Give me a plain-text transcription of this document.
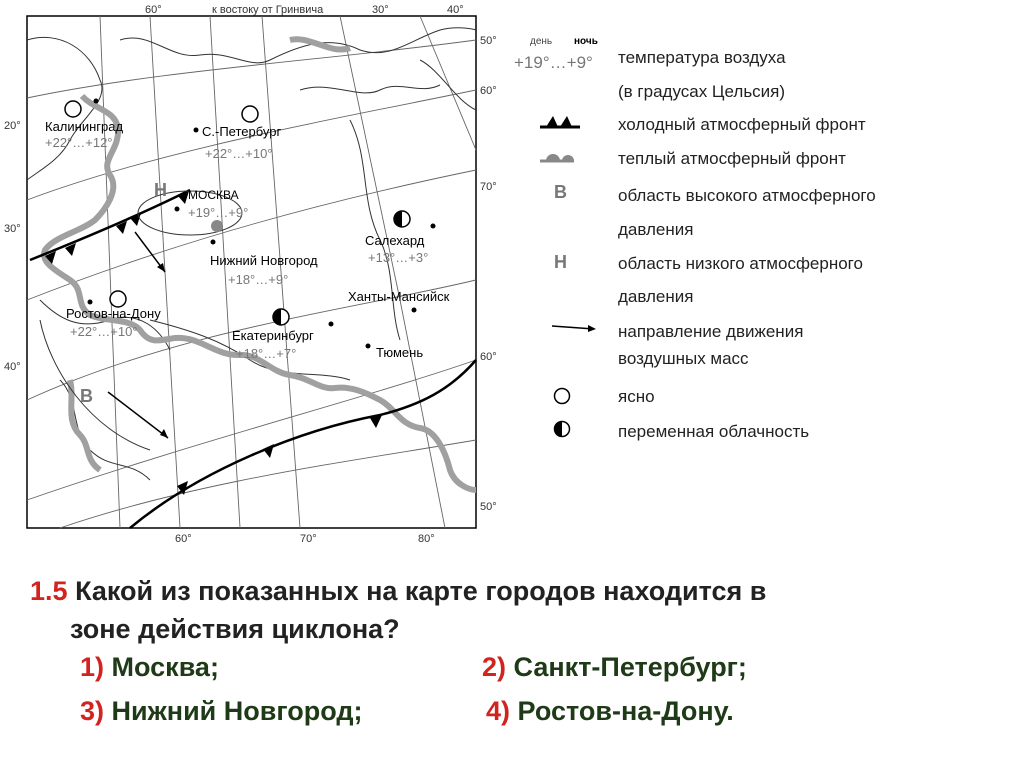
Н
В
Калининград
+22°…+12°
С.-Петербург
+22°…+10°
МОСКВА
+19°…+9°
Нижний Новгород
+18°…+9°
Салехард
+13°…+3°
Ханты-Мансийск
Ростов-на-Дону
+22°…+10°	Екатеринбург
+18°…+7°	Тюмень
60°	к востоку от Гринвича	30°	40°
60°	70°	80°
20°
30°
40°
50°
60°
70°
60°
50°
день ночь
+19°…+9° температура воздуха
(в градусах Цельсия)
холодный атмосферный фронт
теплый атмосферный фронт
В	область высокого атмосферного
давления
Н	область низкого атмосферного
давления
направление движения
воздушных масс
ясно
переменная облачность
1.5 Какой из показанных на карте городов находится в
зоне действия циклона?
1) Москва;	2) Санкт-Петербург;
3) Нижний Новгород;	4) Ростов-на-Дону.
